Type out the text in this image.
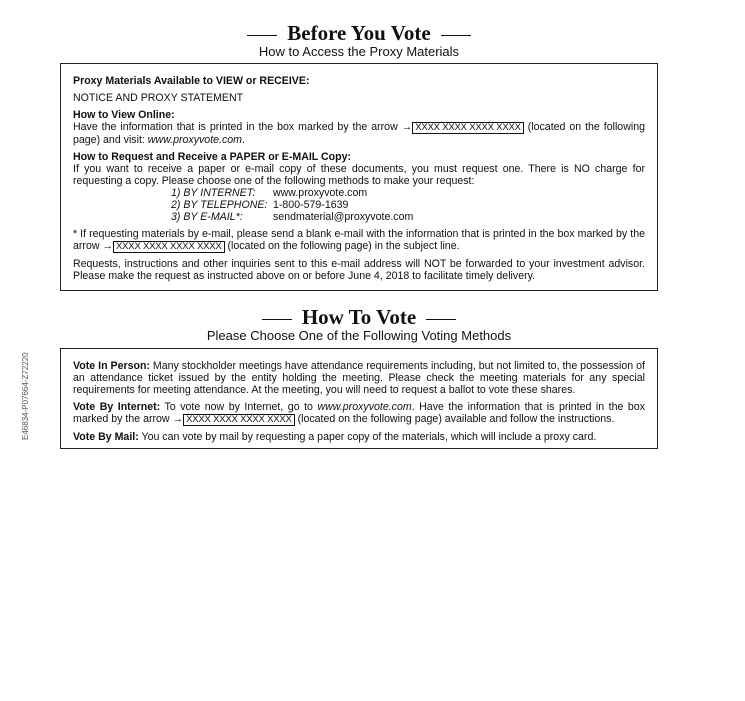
Before You Vote
How to Access the Proxy Materials

Proxy Materials Available to VIEW or RECEIVE:

NOTICE AND PROXY STATEMENT

How to View Online:

Have the information that is printed in the box marked by the arrow → XXXX XXXX XXXX XXXX (located on the following page) and visit: www.proxyvote.com.

How to Request and Receive a PAPER or E-MAIL Copy:

If you want to receive a paper or e-mail copy of these documents, you must request one. There is NO charge for requesting a copy. Please choose one of the following methods to make your request:

1) BY INTERNET:	www.proxyvote.com
2) BY TELEPHONE: 1-800-579-1639
3) BY E-MAIL*:	sendmaterial@proxyvote.com

* If requesting materials by e-mail, please send a blank e-mail with the information that is printed in the box marked by the arrow → XXXX XXXX XXXX XXXX (located on the following page) in the subject line.

Requests, instructions and other inquiries sent to this e-mail address will NOT be forwarded to your investment advisor. Please make the request as instructed above on or before June 4, 2018 to facilitate timely delivery.

How To Vote
Please Choose One of the Following Voting Methods

Vote In Person: Many stockholder meetings have attendance requirements including, but not limited to, the possession of an attendance ticket issued by the entity holding the meeting. Please check the meeting materials for any special requirements for meeting attendance. At the meeting, you will need to request a ballot to vote these shares.

Vote By Internet: To vote now by Internet, go to www.proxyvote.com. Have the information that is printed in the box marked by the arrow → XXXX XXXX XXXX XXXX (located on the following page) available and follow the instructions.

Vote By Mail: You can vote by mail by requesting a paper copy of the materials, which will include a proxy card.

E46834-P07664-Z72220
